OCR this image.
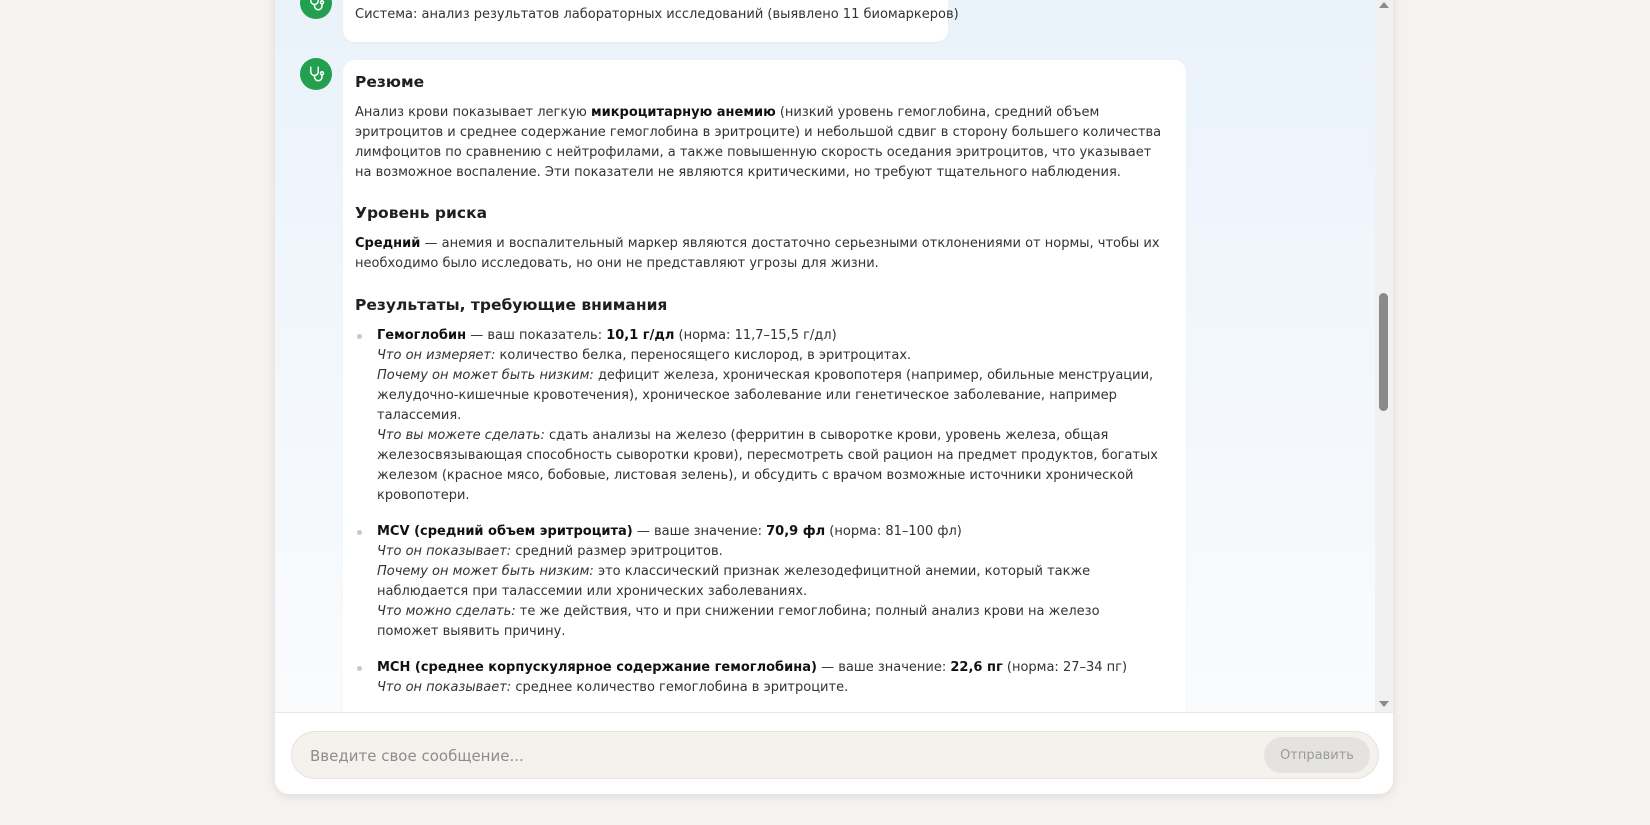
Система: анализ результатов лабораторных исследований (выявлено 11 биомаркеров)
Резюме

Анализ крови показывает легкую микроцитарную анемию (низкий уровень гемоглобина, средний объем эритроцитов и среднее содержание гемоглобина в эритроците) и небольшой сдвиг в сторону большего количества лимфоцитов по сравнению с нейтрофилами, а также повышенную скорость оседания эритроцитов, что указывает на возможное воспаление. Эти показатели не являются критическими, но требуют тщательного наблюдения.

Уровень риска

Средний — анемия и воспалительный маркер являются достаточно серьезными отклонениями от нормы, чтобы их необходимо было исследовать, но они не представляют угрозы для жизни.

Результаты, требующие внимания
Гемоглобин — ваш показатель: 10,1 г/дл (норма: 11,7–15,5 г/дл)
Что он измеряет: количество белка, переносящего кислород, в эритроцитах.
Почему он может быть низким: дефицит железа, хроническая кровопотеря (например, обильные менструации, желудочно-кишечные кровотечения), хроническое заболевание или генетическое заболевание, например талассемия.
Что вы можете сделать: сдать анализы на железо (ферритин в сыворотке крови, уровень железа, общая железосвязывающая способность сыворотки крови), пересмотреть свой рацион на предмет продуктов, богатых железом (красное мясо, бобовые, листовая зелень), и обсудить с врачом возможные источники хронической кровопотери.
MCV (средний объем эритроцита) — ваше значение: 70,9 фл (норма: 81–100 фл)
Что он показывает: средний размер эритроцитов.
Почему он может быть низким: это классический признак железодефицитной анемии, который также наблюдается при талассемии или хронических заболеваниях.
Что можно сделать: те же действия, что и при снижении гемоглобина; полный анализ крови на железо поможет выявить причину.
MCH (среднее корпускулярное содержание гемоглобина) — ваше значение: 22,6 пг (норма: 27–34 пг)
Что он показывает: среднее количество гемоглобина в эритроците.
Введите свое сообщение...
Отправить
